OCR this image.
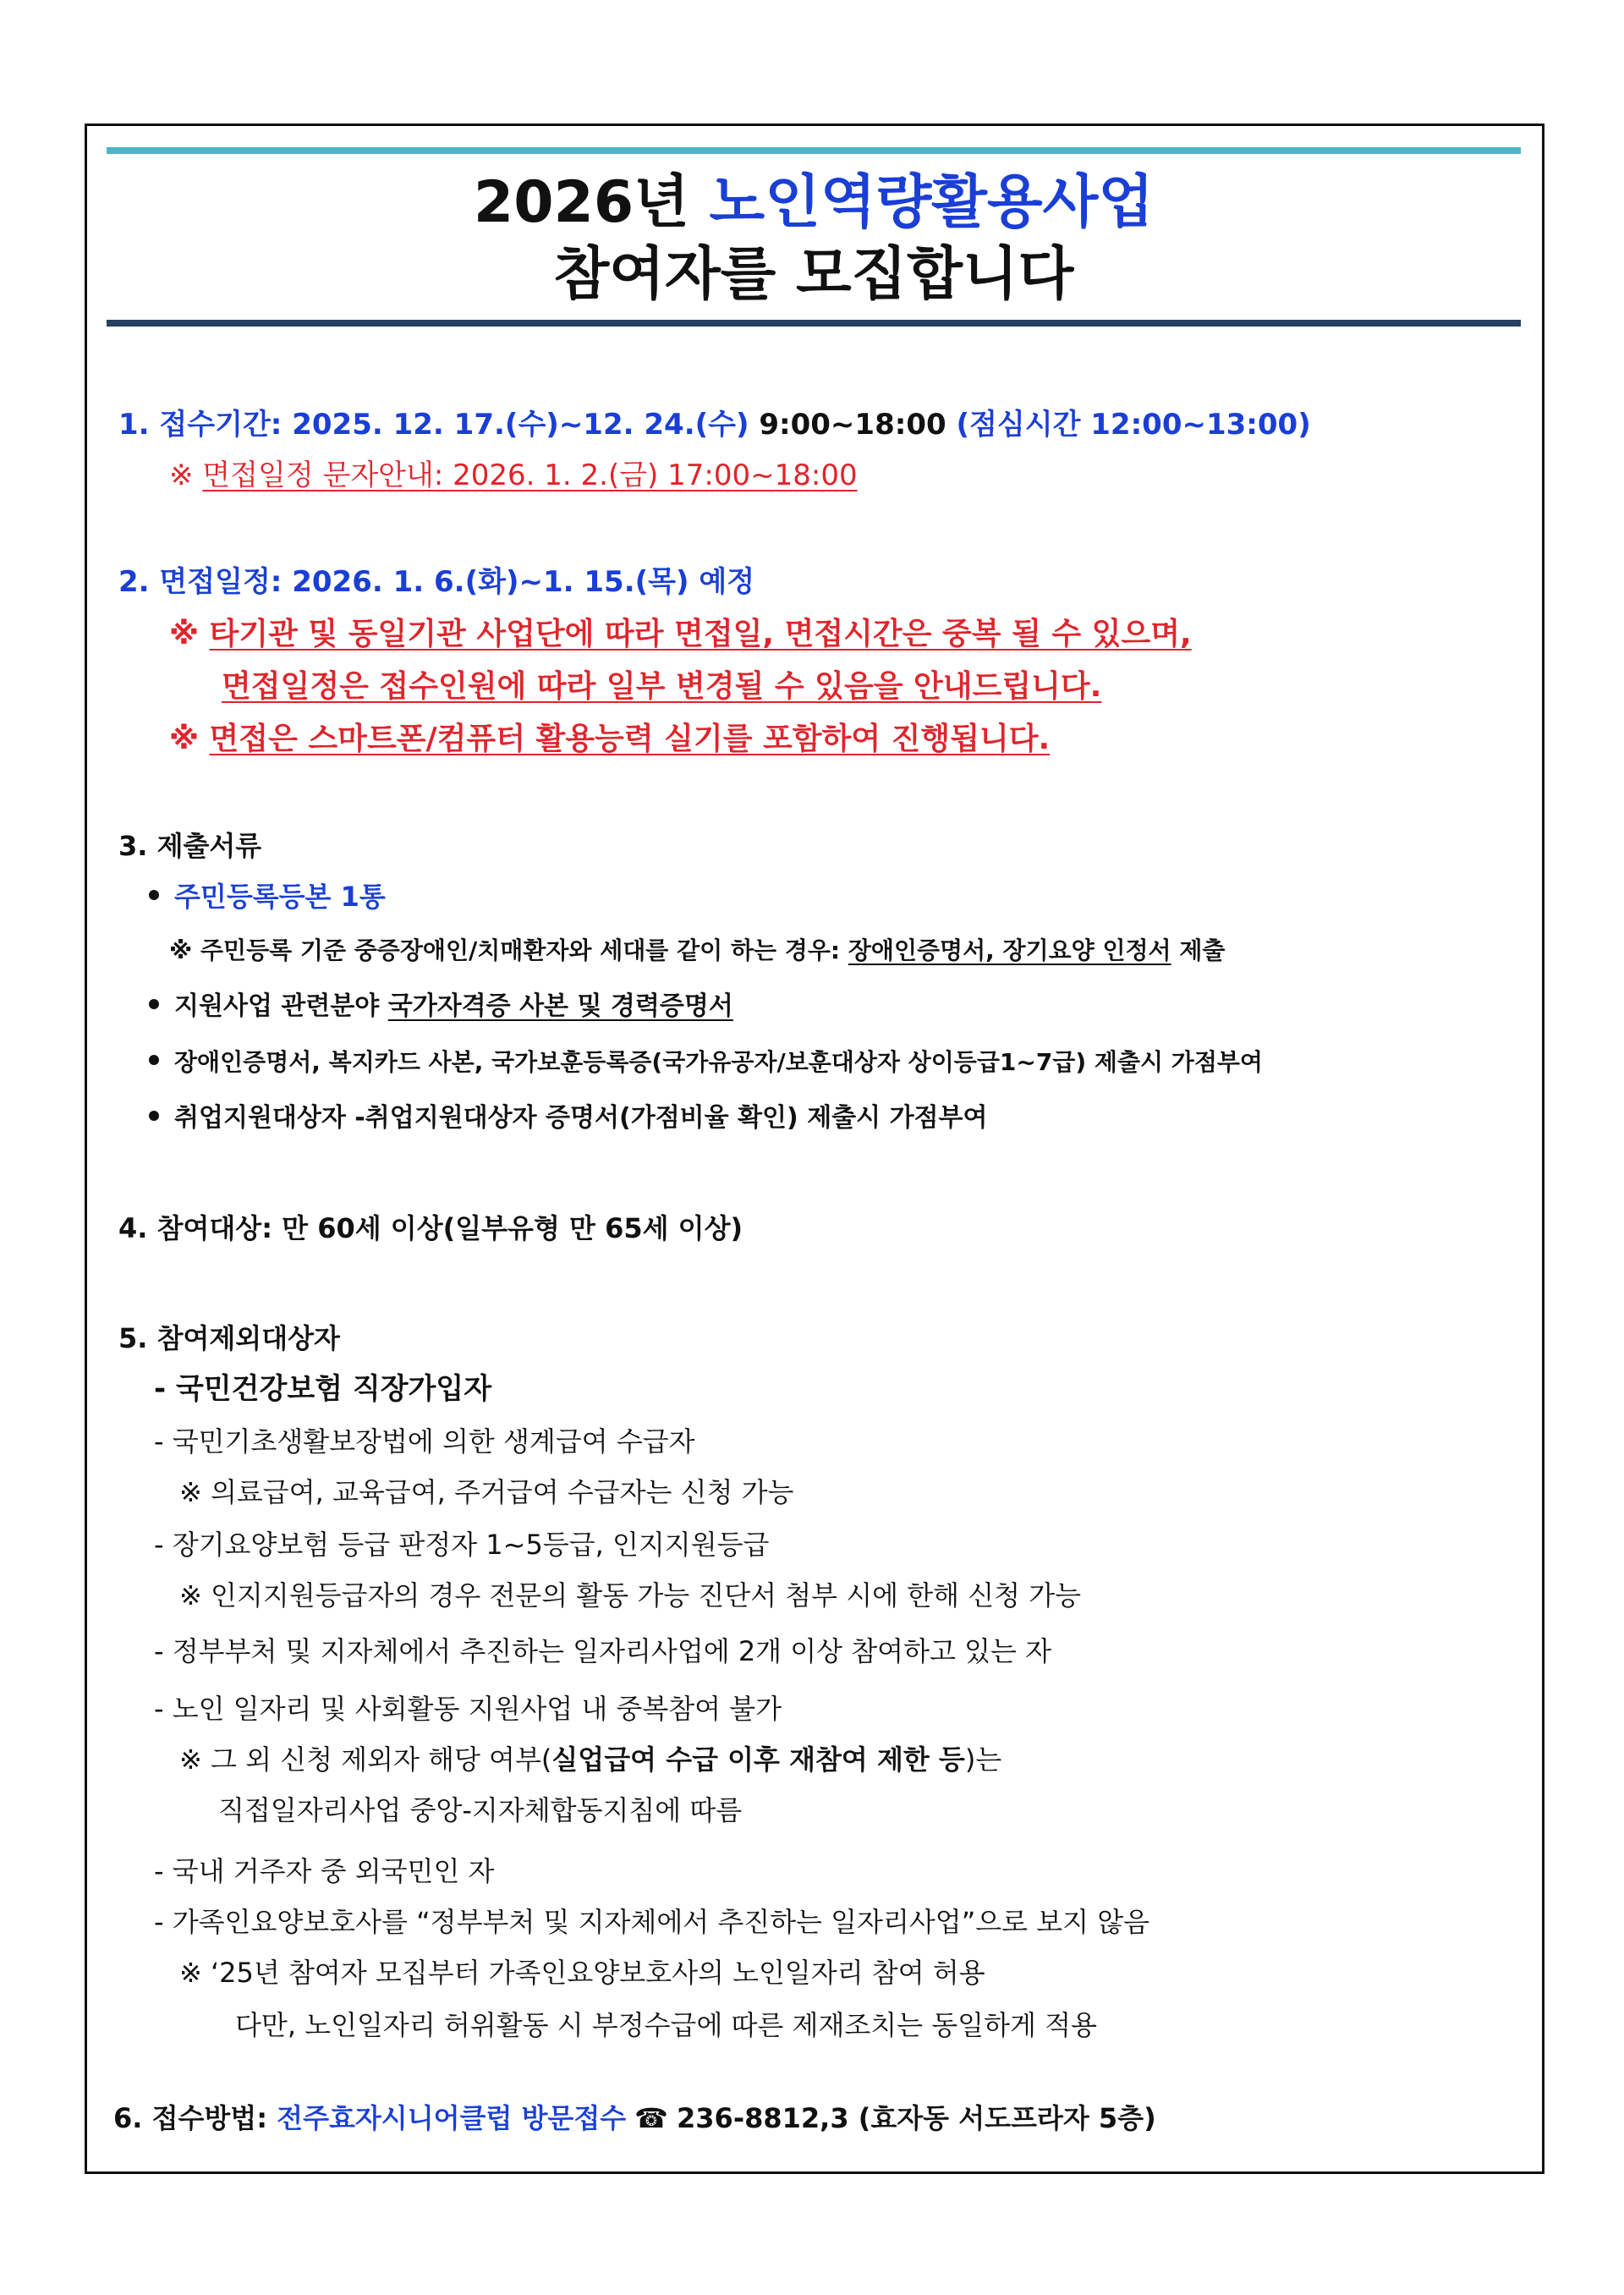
2026년 노인역량활용사업
참여자를 모집합니다
1. 접수기간: 2025. 12. 17.(수)~12. 24.(수) 9:00~18:00 (점심시간 12:00~13:00)
※ 면접일정 문자안내: 2026. 1. 2.(금) 17:00~18:00
2. 면접일정: 2026. 1. 6.(화)~1. 15.(목) 예정
※ 타기관 및 동일기관 사업단에 따라 면접일, 면접시간은 중복 될 수 있으며,
면접일정은 접수인원에 따라 일부 변경될 수 있음을 안내드립니다.
※ 면접은 스마트폰/컴퓨터 활용능력 실기를 포함하여 진행됩니다.
3. 제출서류
주민등록등본 1통
※ 주민등록 기준 중증장애인/치매환자와 세대를 같이 하는 경우: 장애인증명서, 장기요양 인정서 제출
지원사업 관련분야 국가자격증 사본 및 경력증명서
장애인증명서, 복지카드 사본, 국가보훈등록증(국가유공자/보훈대상자 상이등급1~7급) 제출시 가점부여
취업지원대상자 -취업지원대상자 증명서(가점비율 확인) 제출시 가점부여
4. 참여대상: 만 60세 이상(일부유형 만 65세 이상)
5. 참여제외대상자
- 국민건강보험 직장가입자
- 국민기초생활보장법에 의한 생계급여 수급자
※ 의료급여, 교육급여, 주거급여 수급자는 신청 가능
- 장기요양보험 등급 판정자 1~5등급, 인지지원등급
※ 인지지원등급자의 경우 전문의 활동 가능 진단서 첨부 시에 한해 신청 가능
- 정부부처 및 지자체에서 추진하는 일자리사업에 2개 이상 참여하고 있는 자
- 노인 일자리 및 사회활동 지원사업 내 중복참여 불가
※ 그 외 신청 제외자 해당 여부(실업급여 수급 이후 재참여 제한 등)는
직접일자리사업 중앙-지자체합동지침에 따름
- 국내 거주자 중 외국민인 자
- 가족인요양보호사를 “정부부처 및 지자체에서 추진하는 일자리사업”으로 보지 않음
※ ‘25년 참여자 모집부터 가족인요양보호사의 노인일자리 참여 허용
다만, 노인일자리 허위활동 시 부정수급에 따른 제재조치는 동일하게 적용
6. 접수방법: 전주효자시니어클럽 방문접수 ☎ 236-8812,3 (효자동 서도프라자 5층)
